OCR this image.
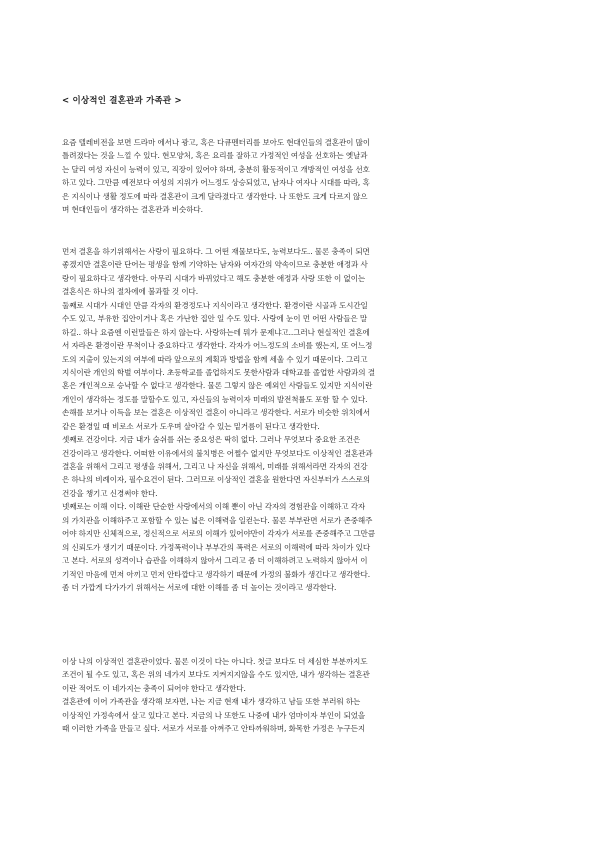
< 이상적인 결혼관과 가족관 >
요즘 텔레비전을 보면 드라마 에서나 광고, 혹은 다큐멘터리를 보아도 현대인들의 결혼관이 많이
틀려졌다는 것을 느낄 수 있다. 현모양처, 혹은 요리를 잘하고 가정적인 여성을 선호하는 옛날과
는 달리 여성 자신이 능력이 있고, 직장이 있어야 하며, 충분히 활동적이고 개방적인 여성을 선호
하고 있다. 그만큼 예전보다 여성의 지위가 어느정도 상승되었고, 남자나 여자나 시대를 따라, 혹
은 지식이나 생활 정도에 따라 결혼관이 크게 달라졌다고 생각한다. 나 또한도 크게 다르지 않으
며 현대인들이 생각하는 결혼관과 비슷하다.
먼저 결혼을 하기위해서는 사랑이 필요하다. 그 어떤 재물보다도, 능력보다도.. 물론 충족이 되면
좋겠지만 결혼이란 단어는 평생을 함께 기약하는 남자와 여자간의 약속이므로 충분한 애정과 사
랑이 필요하다고 생각한다. 아무리 시대가 바뀌었다고 해도 충분한 애정과 사랑 또한 이 없이는
결혼식은 하나의 절차에에 불과할 것 이다.
둘째로 시대가 시대인 만큼 각자의 환경정도나 지식이라고 생각한다. 환경이란 시골과 도시간일
수도 있고, 부유한 집안이거나 혹은 가난한 집안 일 수도 있다. 사랑에 눈이 먼 어떤 사람들은 말
하길.. 하나 요즘엔 이런말들은 하지 않는다. 사랑하는데 뭐가 문제냐고..그러나 현실적인 결혼에
서 자라온 환경이란 무척이나 중요하다고 생각한다. 각자가 어느정도의 소비를 했는지, 또 어느정
도의 지출이 있는지의 여부에 따라 앞으로의 계획과 방법을 함께 세울 수 있기 때문이다. 그리고
지식이란 개인의 학벌 여부이다. 초등학교를 졸업하지도 못한사람과 대학교를 졸업한 사람과의 결
혼은 개인적으로 승낙할 수 없다고 생각한다. 물론 그렇지 않은 예외인 사람들도 있지만 지식이란
개인이 생각하는 정도를 말할수도 있고, 자신들의 능력이자 미래의 발전척률도 포함 할 수 있다.
손해를 보거나 이득을 보는 결혼은 이상적인 결혼이 아니라고 생각한다. 서로가 비슷한 위치에서
같은 환경일 때 비로소 서로가 도우며 살아갈 수 있는 밑거름이 된다고 생각한다.
셋째로 건강이다. 지금 내가 숨쉬를 쉬는 중요성은 딱히 없다. 그러나 무엇보다 중요한 조건은
건강이라고 생각한다. 어떠한 이유에서의 불치병은 어쩔수 없지만 무엇보다도 이상적인 결혼관과
결혼을 위해서 그리고 평생을 위해서, 그리고 나 자신을 위해서, 미래를 위해서라면 각자의 건강
은 하나의 비례이자, 필수요건이 된다. 그러므로 이상적인 결혼을 원한다면 자신부터가 스스로의
건강을 챙기고 신경써야 한다.
넷째로는 이해 이다. 이해란 단순한 사랑에서의 이해 뿐이 아닌 각자의 경험관을 이해하고 각자
의 가치관을 이해하주고 포함할 수 있는 넓은 이해력을 일컫는다. 물론 부부란면 서로가 존중해주
어야 하지만 신체적으로, 정신적으로 서로의 이해가 있어야만이 각자가 서로를 존중해주고 그만큼
의 신뢰도가 생기기 때문이다. 가정폭력이나 부부간의 폭력은 서로의 이해력에 따라 차이가 있다
고 본다. 서로의 성격이나 습관을 이해하지 않아서 그리고 좀 더 이해하려고 노력하지 않아서 이
기적인 마음에 먼저 아끼고 먼저 안타깝다고 생각하기 때문에 가정의 불화가 생긴다고 생각한다.
좀 더 가깝게 다가가기 위해서는 서로에 대한 이해를 좀 더 높이는 것이라고 생각한다.
이상 나의 이상적인 결혼관이었다. 물론 이것이 다는 아니다. 첫글 보다도 더 세심한 부분까지도
조건이 될 수도 있고, 혹은 위의 네가지 보다도 지켜지지않을 수도 있지만, 내가 생각하는 결혼관
이란 적어도 이 네가지는 충족이 되어야 한다고 생각한다.
결혼관에 이어 가족관을 생각해 보자면, 나는 지금 현재 내가 생각하고 남들 또한 부러워 하는
이상적인 가정속에서 살고 있다고 본다. 지금의 나 또한도 나중에 내가 엄마이자 부인이 되었을
때 이러한 가족을 만들고 싶다. 서로가 서로를 아껴주고 안타까워하며, 화목한 가정은 누구든지
